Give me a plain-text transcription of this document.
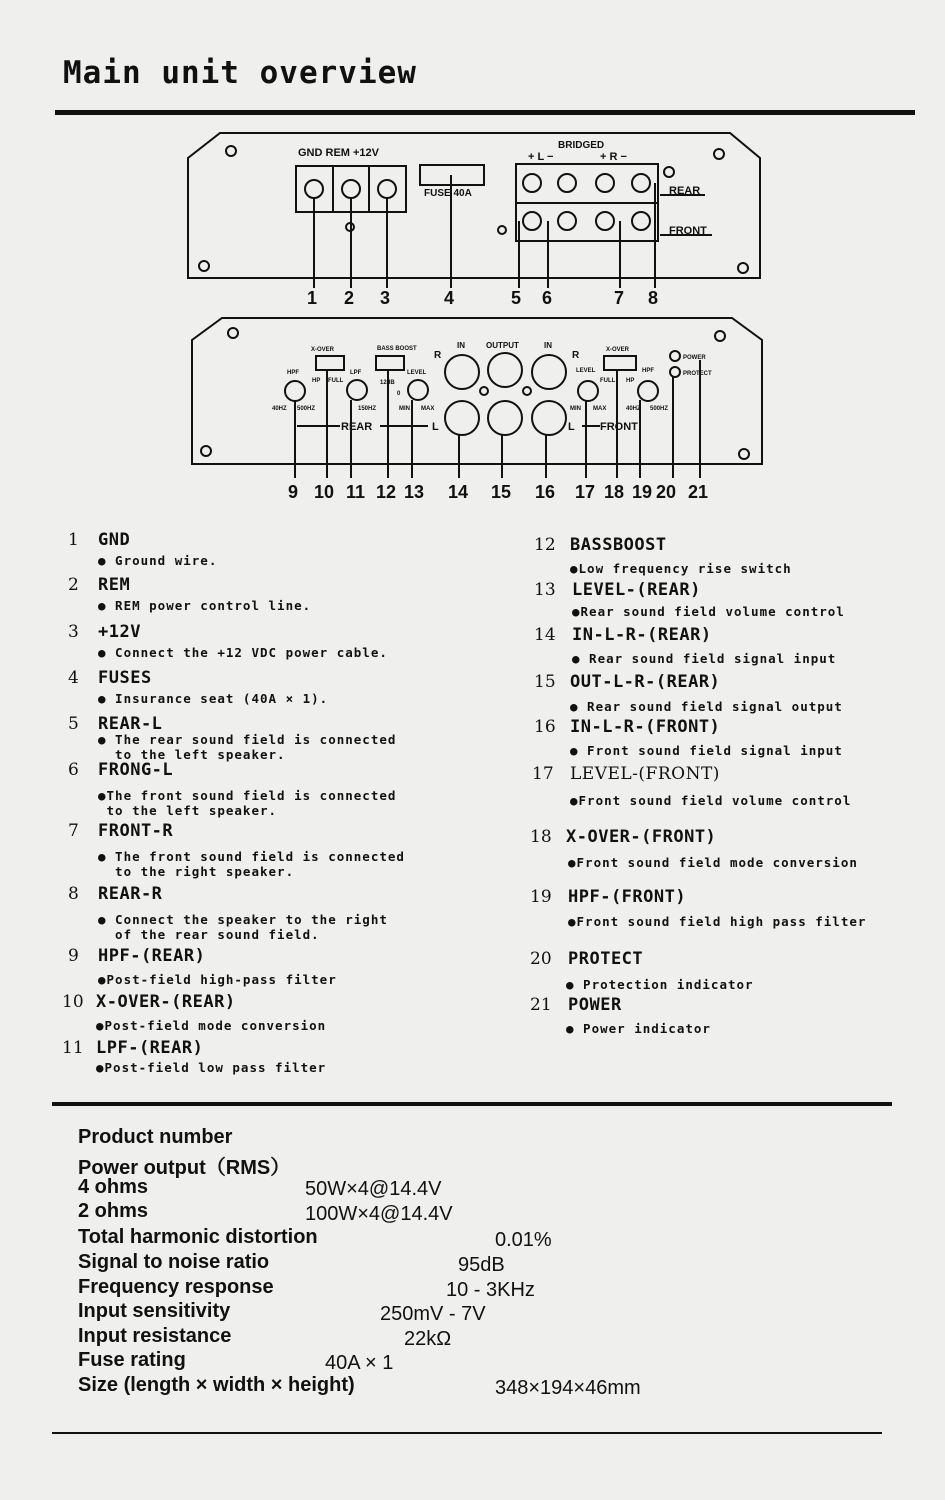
Main unit overview
GND REM +12V
FUSE 40A
BRIDGED
+ L −	+ R −
REAR
FRONT
X-OVER	BASS BOOST
HPF	LPF	LEVEL
FULL
HP
40HZ 500HZ	150HZ
12dB
0
MIN MAX
REAR	L
R
IN	OUTPUT	IN
R
L
LEVEL
X-OVER
FULL HP
HPF
MIN MAX	40HZ 500HZ
FRONT
POWER
PROTECT
1 2 3	4	5 6	7 8
9 10 11 12 13 14 15 16 17 18 19 20 21
1 GND
● Ground wire.
2 REM
● REM power control line.
3 +12V
● Connect the +12 VDC power cable.
4 FUSES
● Insurance seat (40A × 1).
5 REAR-L
● The rear sound field is connected
to the left speaker.
6 FRONG-L
●The front sound field is connected
to the left speaker.
7 FRONT-R
● The front sound field is connected
to the right speaker.
8 REAR-R
● Connect the speaker to the right
of the rear sound field.
9 HPF-(REAR)
●Post-field high-pass filter
10 X-OVER-(REAR)
●Post-field mode conversion
11 LPF-(REAR)
●Post-field low pass filter
12 BASSBOOST
●Low frequency rise switch
13 LEVEL-(REAR)
●Rear sound field volume control
14 IN-L-R-(REAR)
● Rear sound field signal input
15 OUT-L-R-(REAR)
● Rear sound field signal output
16 IN-L-R-(FRONT)
● Front sound field signal input
17 LEVEL-(FRONT)
●Front sound field volume control
18 X-OVER-(FRONT)
●Front sound field mode conversion
19 HPF-(FRONT)
●Front sound field high pass filter
20 PROTECT
● Protection indicator
21 POWER
● Power indicator
Product number
Power output（RMS）
4 ohms	50W×4@14.4V
2 ohms	100W×4@14.4V
Total harmonic distortion	0.01%
Signal to noise ratio	95dB
Frequency response	10 - 3KHz
Input sensitivity	250mV - 7V
Input resistance	22kΩ
Fuse rating	40A × 1
Size (length × width × height)	348×194×46mm
